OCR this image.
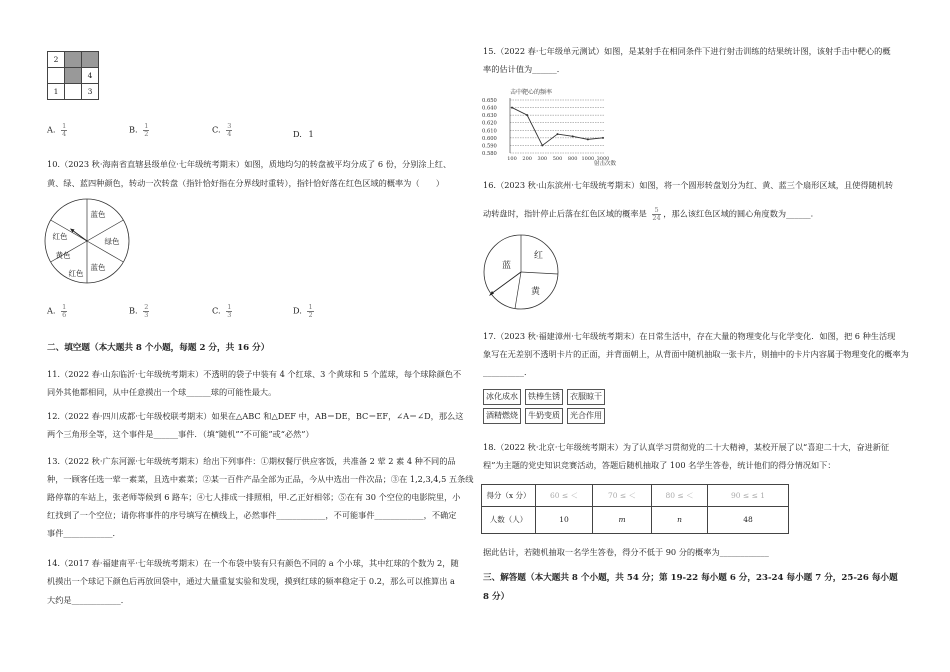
2		
		4
1		3
A. $\frac{1}{4}$	B. $\frac{1}{2}$	C. $\frac{3}{4}$	D. 1
10.（2023 秋·海南省直辖县级单位·七年级统考期末）如图，质地均匀的转盘被平均分成了 6 份，分别涂上红、
黄、绿、蓝四种颜色，转动一次转盘（指针恰好指在分界线时重转），指针恰好落在红色区域的概率为（　　）
蓝色
绿色
蓝色
红色
黄色
红色
A. $\frac{1}{6}$	B. $\frac{2}{3}$	C. $\frac{1}{3}$	D. $\frac{1}{2}$
二、填空题（本大题共 8 个小题，每题 2 分，共 16 分）
11.（2022 春·山东临沂·七年级统考期末）不透明的袋子中装有 4 个红球、3 个黄球和 5 个蓝球，每个球除颜色不
同外其他都相同，从中任意摸出一个球______球的可能性最大。
12.（2022 春·四川成都·七年级校联考期末）如果在△ABC 和△DEF 中，AB＝DE，BC＝EF，∠A＝∠D，那么这
两个三角形全等，这个事件是______事件．（填“随机”“不可能”或“必然”）
13.（2022 秋·广东河源·七年级统考期末）给出下列事件：①期权餐厅供应客饭，共准备 2 荤 2 素 4 种不同的品
种，一顾客任选一荤一素菜，且选中素菜；②某一百件产品全部为正品，今从中选出一件次品；③在 1,2,3,4,5 五条线
路停靠的车站上，张老师等候到 6 路车；④七人排成一排照相，甲.乙正好相邻；⑤在有 30 个空位的电影院里，小
红找到了一个空位；请你将事件的序号填写在横线上，必然事件____________，不可能事件____________，不确定
事件____________．
14.（2017 春·福建南平·七年级统考期末）在一个布袋中装有只有颜色不同的 a 个小球，其中红球的个数为 2，随
机摸出一个球记下颜色后再放回袋中，通过大量重复实验和发现，摸到红球的频率稳定于 0.2，那么可以推算出 a
大约是____________．
15.（2022 春·七年级单元测试）如图，是某射手在相同条件下进行射击训练的结果统计图，该射手击中靶心的概
率的估计值为______．
击中靶心的频率
0.650
0.640
0.630
0.620
0.610
0.600
0.590
0.580
100 200 300 500 800 1000 3000
射击次数
16.（2023 秋·山东滨州·七年级统考期末）如图，将一个圆形转盘划分为红、黄、蓝三个扇形区域，且使得随机转
动转盘时，指针停止后落在红色区域的概率是 $\frac{5}{24}$ ，那么该红色区域的圆心角度数为______．
蓝
红
黄
17.（2023 秋·福建漳州·七年级统考期末）在日常生活中，存在大量的物理变化与化学变化．如图，把 6 种生活现
象写在无差别不透明卡片的正面，并背面朝上，从背面中随机抽取一张卡片，则抽中的卡片内容属于物理变化的概率为
__________．
冰化成水	铁棒生锈	衣服晾干
酒精燃烧	牛奶变质	光合作用
18.（2022 秋·北京·七年级统考期末）为了认真学习贯彻党的二十大精神，某校开展了以“喜迎二十大，奋进新征
程”为主题的党史知识竞赛活动，答题后随机抽取了 100 名学生答卷，统计他们的得分情况如下：
得分（x 分）	60 ≤ ＜	70 ≤ ＜	80 ≤ ＜	90 ≤ ≤ 1
人数（人）	10	m	n	48
据此估计，若随机抽取一名学生答卷，得分不低于 90 分的概率为____________
三、解答题（本大题共 8 个小题，共 54 分；第 19-22 每小题 6 分，23-24 每小题 7 分，25-26 每小题
8 分）
